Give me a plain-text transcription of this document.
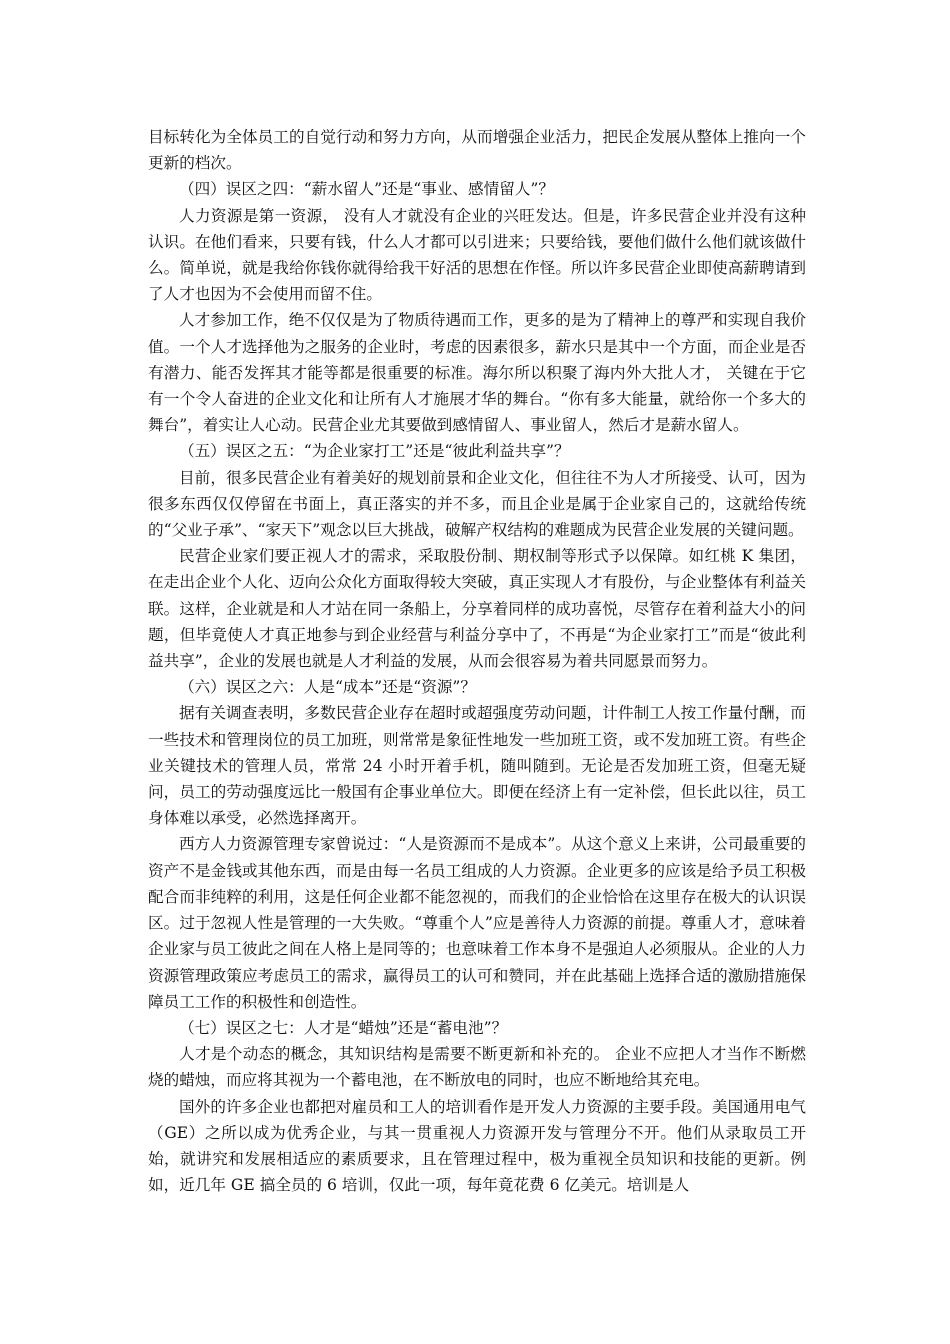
目标转化为全体员工的自觉行动和努力方向，从而增强企业活力，把民企发展从整体上推向一个更新的档次。

（四）误区之四：“薪水留人”还是“事业、感情留人”？

人力资源是第一资源， 没有人才就没有企业的兴旺发达。但是，许多民营企业并没有这种认识。在他们看来，只要有钱，什么人才都可以引进来；只要给钱，要他们做什么他们就该做什么。简单说，就是我给你钱你就得给我干好活的思想在作怪。所以许多民营企业即使高薪聘请到了人才也因为不会使用而留不住。

人才参加工作，绝不仅仅是为了物质待遇而工作，更多的是为了精神上的尊严和实现自我价值。一个人才选择他为之服务的企业时，考虑的因素很多，薪水只是其中一个方面，而企业是否有潜力、能否发挥其才能等都是很重要的标准。海尔所以积聚了海内外大批人才， 关键在于它有一个令人奋进的企业文化和让所有人才施展才华的舞台。“你有多大能量，就给你一个多大的舞台”，着实让人心动。民营企业尤其要做到感情留人、事业留人，然后才是薪水留人。

（五）误区之五：“为企业家打工”还是“彼此利益共享”？

目前，很多民营企业有着美好的规划前景和企业文化，但往往不为人才所接受、认可，因为很多东西仅仅停留在书面上，真正落实的并不多，而且企业是属于企业家自己的，这就给传统的“父业子承”、“家天下”观念以巨大挑战，破解产权结构的难题成为民营企业发展的关键问题。

民营企业家们要正视人才的需求，采取股份制、期权制等形式予以保障。如红桃 K 集团，在走出企业个人化、迈向公众化方面取得较大突破，真正实现人才有股份，与企业整体有利益关联。这样，企业就是和人才站在同一条船上，分享着同样的成功喜悦，尽管存在着利益大小的问题，但毕竟使人才真正地参与到企业经营与利益分享中了，不再是“为企业家打工”而是“彼此利益共享”，企业的发展也就是人才利益的发展，从而会很容易为着共同愿景而努力。

（六）误区之六：人是“成本”还是“资源”？

据有关调查表明，多数民营企业存在超时或超强度劳动问题，计件制工人按工作量付酬，而一些技术和管理岗位的员工加班，则常常是象征性地发一些加班工资，或不发加班工资。有些企业关键技术的管理人员，常常 24 小时开着手机，随叫随到。无论是否发加班工资，但毫无疑问，员工的劳动强度远比一般国有企事业单位大。即便在经济上有一定补偿，但长此以往，员工身体难以承受，必然选择离开。

西方人力资源管理专家曾说过：“人是资源而不是成本”。从这个意义上来讲，公司最重要的资产不是金钱或其他东西，而是由每一名员工组成的人力资源。企业更多的应该是给予员工积极配合而非纯粹的利用，这是任何企业都不能忽视的，而我们的企业恰恰在这里存在极大的认识误区。过于忽视人性是管理的一大失败。“尊重个人”应是善待人力资源的前提。尊重人才，意味着企业家与员工彼此之间在人格上是同等的；也意味着工作本身不是强迫人必须服从。企业的人力资源管理政策应考虑员工的需求，赢得员工的认可和赞同，并在此基础上选择合适的激励措施保障员工工作的积极性和创造性。

（七）误区之七：人才是“蜡烛”还是“蓄电池”？

人才是个动态的概念，其知识结构是需要不断更新和补充的。 企业不应把人才当作不断燃烧的蜡烛，而应将其视为一个蓄电池，在不断放电的同时，也应不断地给其充电。

国外的许多企业也都把对雇员和工人的培训看作是开发人力资源的主要手段。美国通用电气（GE）之所以成为优秀企业，与其一贯重视人力资源开发与管理分不开。他们从录取员工开始，就讲究和发展相适应的素质要求，且在管理过程中，极为重视全员知识和技能的更新。例如，近几年 GE 搞全员的 6 培训，仅此一项，每年竟花费 6 亿美元。培训是人
